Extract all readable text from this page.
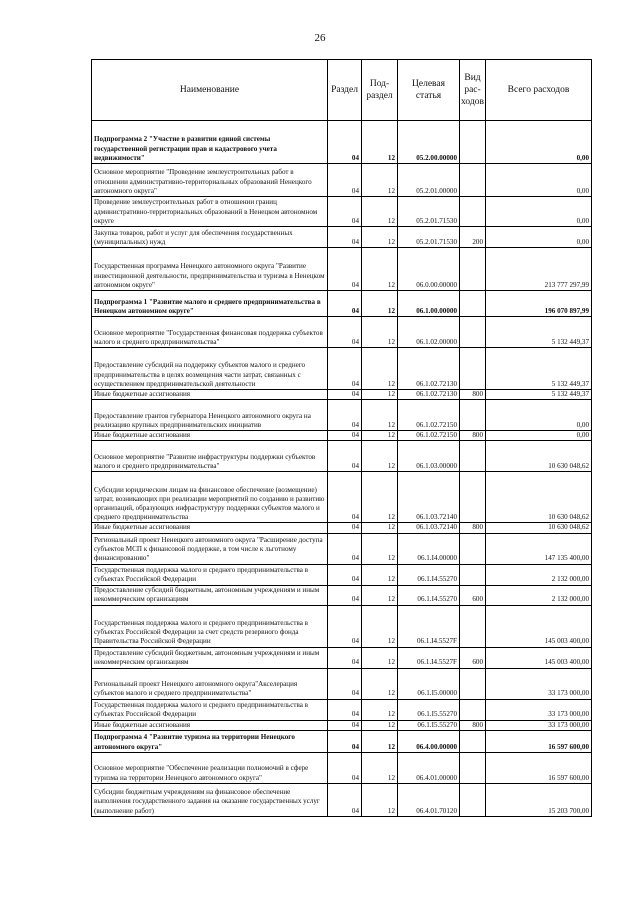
26
Наименование	Раздел	Под-раздел	Целевая статья	Вид рас-ходов	Всего расходов
Подпрограмма 2 "Участие в развитии единой системы государственной регистрации прав и кадастрового учета недвижимости"	04	12	05.2.00.00000		0,00
Основное мероприятие "Проведение землеустроительных работ в отношении административно-территориальных образований Ненецкого автономного округа"	04	12	05.2.01.00000		0,00
Проведение землеустроительных работ в отношении границ административно-территориальных образований в Ненецком автономном округе	04	12	05.2.01.71530		0,00
Закупка товаров, работ и услуг для обеспечения государственных (муниципальных) нужд	04	12	05.2.01.71530	200	0,00
Государственная программа Ненецкого автономного округа "Развитие инвестиционной деятельности, предпринимательства и туризма в Ненецком автономном округе"	04	12	06.0.00.00000		213 777 297,99
Подпрограмма 1 "Развитие малого и среднего предпринимательства в Ненецком автономном округе"	04	12	06.1.00.00000		196 070 897,99
Основное мероприятие "Государственная финансовая поддержка субъектов малого и среднего предпринимательства"	04	12	06.1.02.00000		5 132 449,37
Предоставление субсидий на поддержку субъектов малого и среднего предпринимательства в целях возмещения части затрат, связанных с осуществлением предпринимательской деятельности	04	12	06.1.02.72130		5 132 449,37
Иные бюджетные ассигнования	04	12	06.1.02.72130	800	5 132 449,37
Предоставление грантов губернатора Ненецкого автономного округа на реализацию крупных предпринимательских инициатив	04	12	06.1.02.72150		0,00
Иные бюджетные ассигнования	04	12	06.1.02.72150	800	0,00
Основное мероприятие "Развитие инфраструктуры поддержки субъектов малого и среднего предпринимательства"	04	12	06.1.03.00000		10 630 048,62
Субсидии юридическим лицам на финансовое обеспечение (возмещение) затрат, возникающих при реализации мероприятий по созданию и развитию организаций, образующих инфраструктуру поддержки субъектов малого и среднего предпринимательства	04	12	06.1.03.72140		10 630 048,62
Иные бюджетные ассигнования	04	12	06.1.03.72140	800	10 630 048,62
Региональный проект Ненецкого автономного округа "Расширение доступа субъектов МСП к финансовой поддержке, в том числе к льготному финансированию"	04	12	06.1.I4.00000		147 135 400,00
Государственная поддержка малого и среднего предпринимательства в субъектах Российской Федерации	04	12	06.1.I4.55270		2 132 000,00
Предоставление субсидий бюджетным, автономным учреждениям и иным некоммерческим организациям	04	12	06.1.I4.55270	600	2 132 000,00
Государственная поддержка малого и среднего предпринимательства в субъектах Российской Федерации за счет средств резервного фонда Правительства Российской Федерации	04	12	06.1.I4.5527F		145 003 400,00
Предоставление субсидий бюджетным, автономным учреждениям и иным некоммерческим организациям	04	12	06.1.I4.5527F	600	145 003 400,00
Региональный проект Ненецкого автономного округа"Акселерация субъектов малого и среднего предпринимательства"	04	12	06.1.I5.00000		33 173 000,00
Государственная поддержка малого и среднего предпринимательства в субъектах Российской Федерации	04	12	06.1.I5.55270		33 173 000,00
Иные бюджетные ассигнования	04	12	06.1.I5.55270	800	33 173 000,00
Подпрограмма 4 "Развитие туризма на территории Ненецкого автономного округа"	04	12	06.4.00.00000		16 597 600,00
Основное мероприятие "Обеспечение реализации полномочий в сфере туризма на территории Ненецкого автономного округа"	04	12	06.4.01.00000		16 597 600,00
Субсидии бюджетным учреждениям на финансовое обеспечение выполнения государственного задания на оказание государственных услуг (выполнение работ)	04	12	06.4.01.70120		15 203 700,00
